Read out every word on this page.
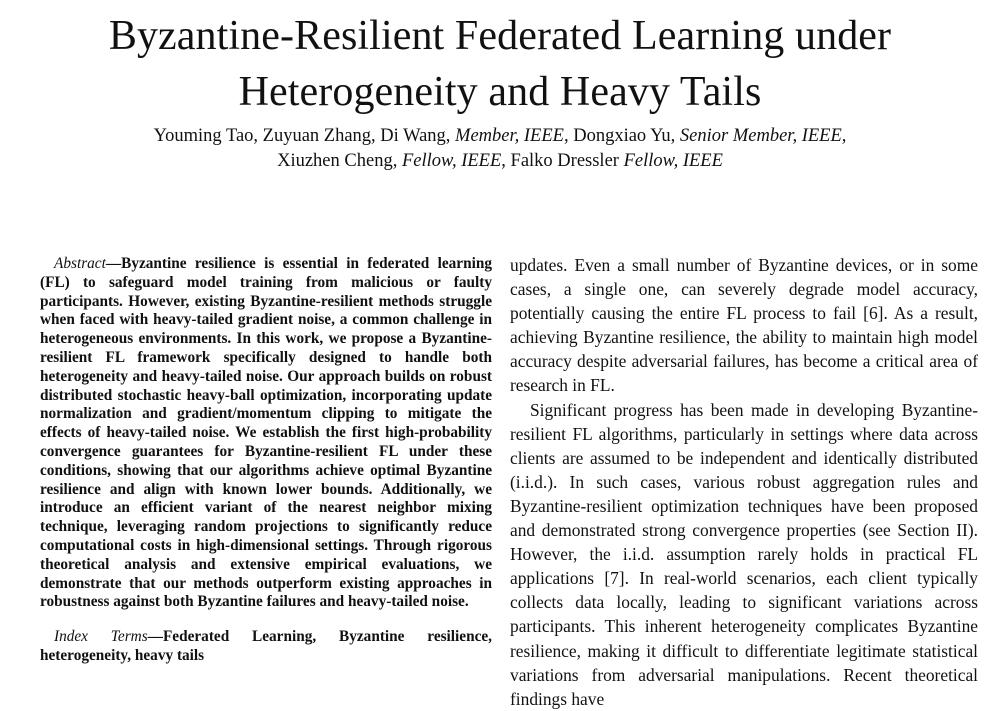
Byzantine-Resilient Federated Learning under
Heterogeneity and Heavy Tails
Youming Tao, Zuyuan Zhang, Di Wang, Member, IEEE, Dongxiao Yu, Senior Member, IEEE,
Xiuzhen Cheng, Fellow, IEEE, Falko Dressler Fellow, IEEE

Abstract—Byzantine resilience is essential in federated learning (FL) to safeguard model training from malicious or faulty participants. However, existing Byzantine-resilient methods struggle when faced with heavy-tailed gradient noise, a common challenge in heterogeneous environments. In this work, we propose a Byzantine-resilient FL framework specifically designed to handle both heterogeneity and heavy-tailed noise. Our approach builds on robust distributed stochastic heavy-ball optimization, incorporating update normalization and gradient/momentum clipping to mitigate the effects of heavy-tailed noise. We establish the first high-probability convergence guarantees for Byzantine-resilient FL under these conditions, showing that our algorithms achieve optimal Byzantine resilience and align with known lower bounds. Additionally, we introduce an efficient variant of the nearest neighbor mixing technique, leveraging random projections to significantly reduce computational costs in high-dimensional settings. Through rigorous theoretical analysis and extensive empirical evaluations, we demonstrate that our methods outperform existing approaches in robustness against both Byzantine failures and heavy-tailed noise.

Index Terms—Federated Learning, Byzantine resilience, heterogeneity, heavy tails

updates. Even a small number of Byzantine devices, or in some cases, a single one, can severely degrade model accuracy, potentially causing the entire FL process to fail [6]. As a result, achieving Byzantine resilience, the ability to maintain high model accuracy despite adversarial failures, has become a critical area of research in FL.

Significant progress has been made in developing Byzantine-resilient FL algorithms, particularly in settings where data across clients are assumed to be independent and identically distributed (i.i.d.). In such cases, various robust aggregation rules and Byzantine-resilient optimization techniques have been proposed and demonstrated strong convergence properties (see Section II). However, the i.i.d. assumption rarely holds in practical FL applications [7]. In real-world scenarios, each client typically collects data locally, leading to significant variations across participants. This inherent heterogeneity complicates Byzantine resilience, making it difficult to differentiate legitimate statistical variations from adversarial manipulations. Recent theoretical findings have
